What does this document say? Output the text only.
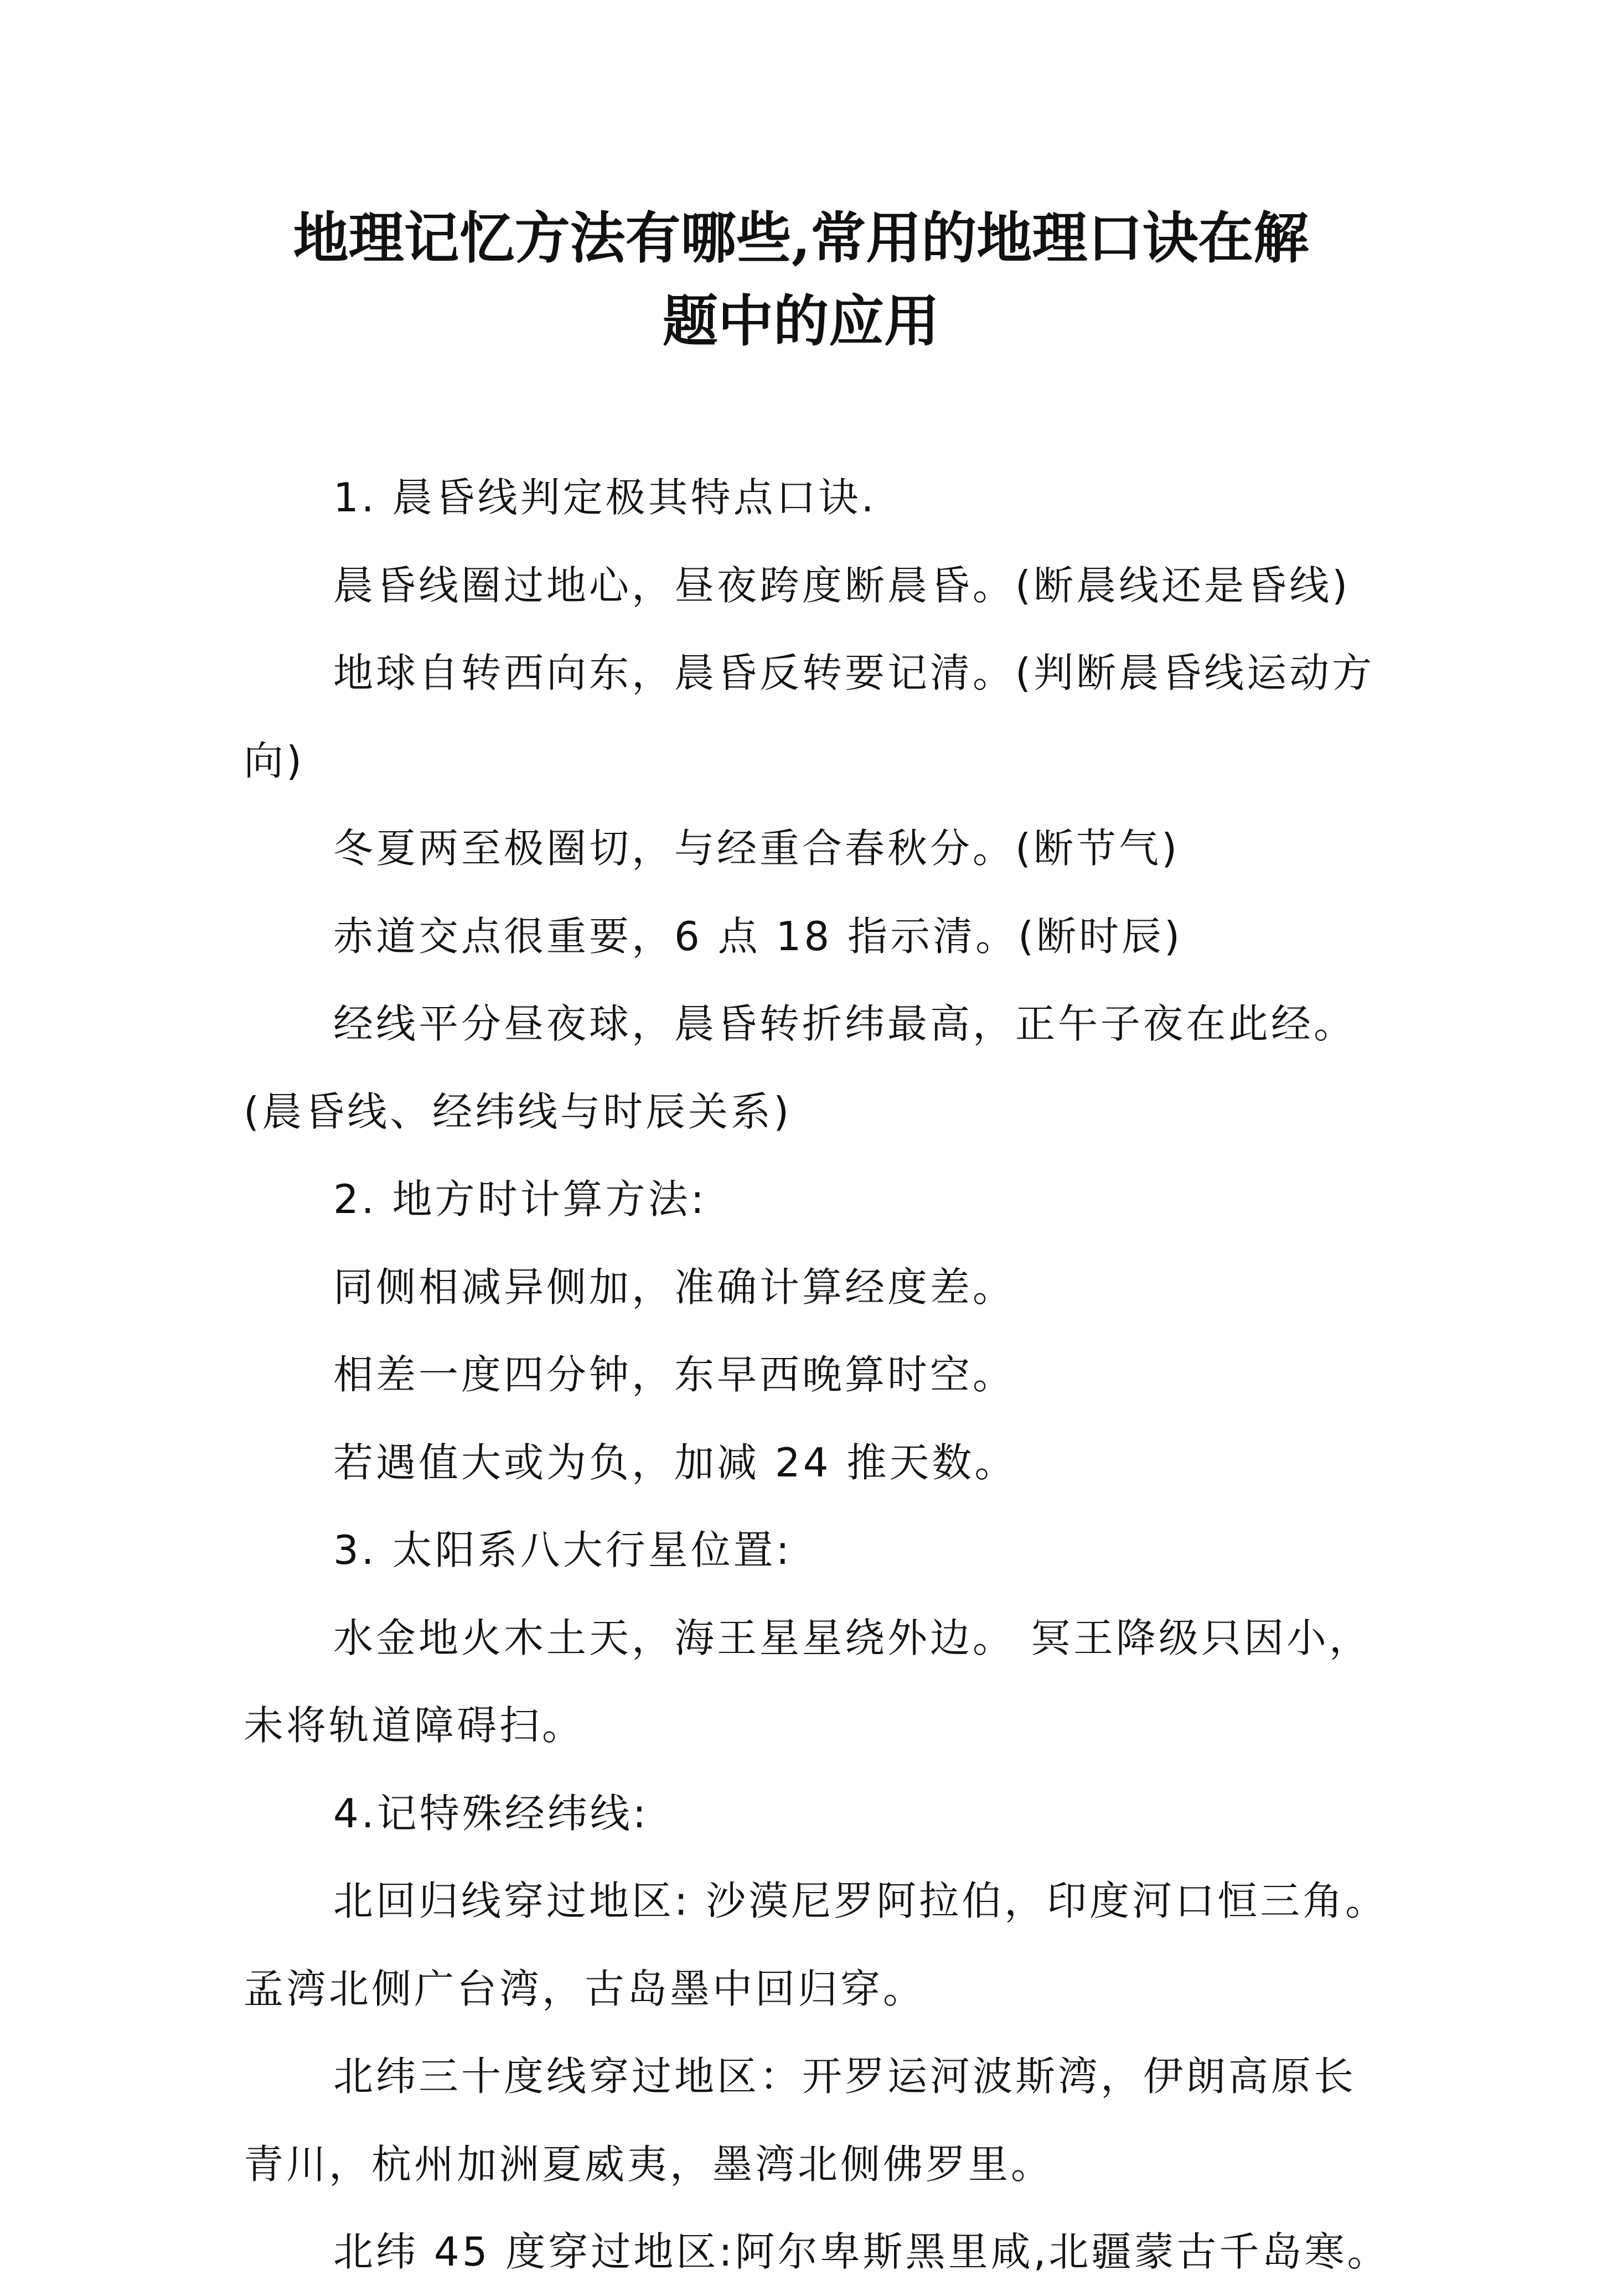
地理记忆方法有哪些,常用的地理口诀在解
题中的应用

1. 晨昏线判定极其特点口诀.

晨昏线圈过地心，昼夜跨度断晨昏。(断晨线还是昏线)

地球自转西向东，晨昏反转要记清。(判断晨昏线运动方向)

冬夏两至极圈切，与经重合春秋分。(断节气)

赤道交点很重要，6 点 18 指示清。(断时辰)

经线平分昼夜球，晨昏转折纬最高，正午子夜在此经。(晨昏线、经纬线与时辰关系)

2. 地方时计算方法:

同侧相减异侧加，准确计算经度差。

相差一度四分钟，东早西晚算时空。

若遇值大或为负，加减 24 推天数。

3. 太阳系八大行星位置:

水金地火木土天，海王星星绕外边。 冥王降级只因小，未将轨道障碍扫。

4.记特殊经纬线:

北回归线穿过地区: 沙漠尼罗阿拉伯，印度河口恒三角。孟湾北侧广台湾，古岛墨中回归穿。

北纬三十度线穿过地区：开罗运河波斯湾，伊朗高原长青川，杭州加洲夏威夷，墨湾北侧佛罗里。

北纬 45 度穿过地区:阿尔卑斯黑里咸,北疆蒙古千岛寒。
